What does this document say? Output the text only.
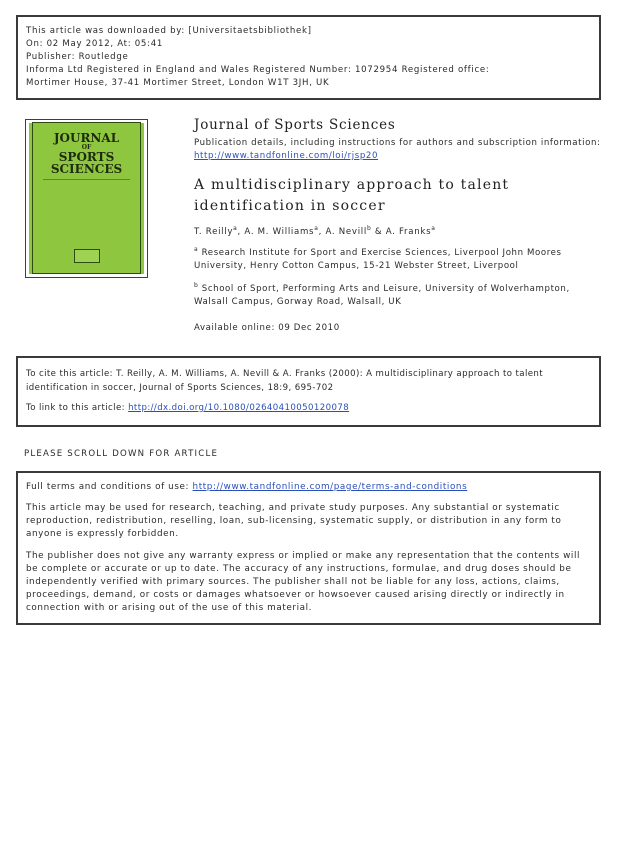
This article was downloaded by: [Universitaetsbibliothek]
On: 02 May 2012, At: 05:41
Publisher: Routledge
Informa Ltd Registered in England and Wales Registered Number: 1072954 Registered office:
Mortimer House, 37-41 Mortimer Street, London W1T 3JH, UK
JOURNAL
OF
SPORTS
SCIENCES
Journal of Sports Sciences
Publication details, including instructions for authors and subscription information:
http://www.tandfonline.com/loi/rjsp20
A multidisciplinary approach to talent identification in soccer
T. Reilly$^a$, A. M. Williams$^a$, A. Nevill$^b$ & A. Franks$^a$
$^a$ Research Institute for Sport and Exercise Sciences, Liverpool John Moores University, Henry Cotton Campus, 15-21 Webster Street, Liverpool
$^b$ School of Sport, Performing Arts and Leisure, University of Wolverhampton, Walsall Campus, Gorway Road, Walsall, UK
Available online: 09 Dec 2010
To cite this article: T. Reilly, A. M. Williams, A. Nevill & A. Franks (2000): A multidisciplinary approach to talent identification in soccer, Journal of Sports Sciences, 18:9, 695-702
To link to this article: http://dx.doi.org/10.1080/02640410050120078
PLEASE SCROLL DOWN FOR ARTICLE

Full terms and conditions of use: http://www.tandfonline.com/page/terms-and-conditions

This article may be used for research, teaching, and private study purposes. Any substantial or systematic reproduction, redistribution, reselling, loan, sub-licensing, systematic supply, or distribution in any form to anyone is expressly forbidden.

The publisher does not give any warranty express or implied or make any representation that the contents will be complete or accurate or up to date. The accuracy of any instructions, formulae, and drug doses should be independently verified with primary sources. The publisher shall not be liable for any loss, actions, claims, proceedings, demand, or costs or damages whatsoever or howsoever caused arising directly or indirectly in connection with or arising out of the use of this material.
